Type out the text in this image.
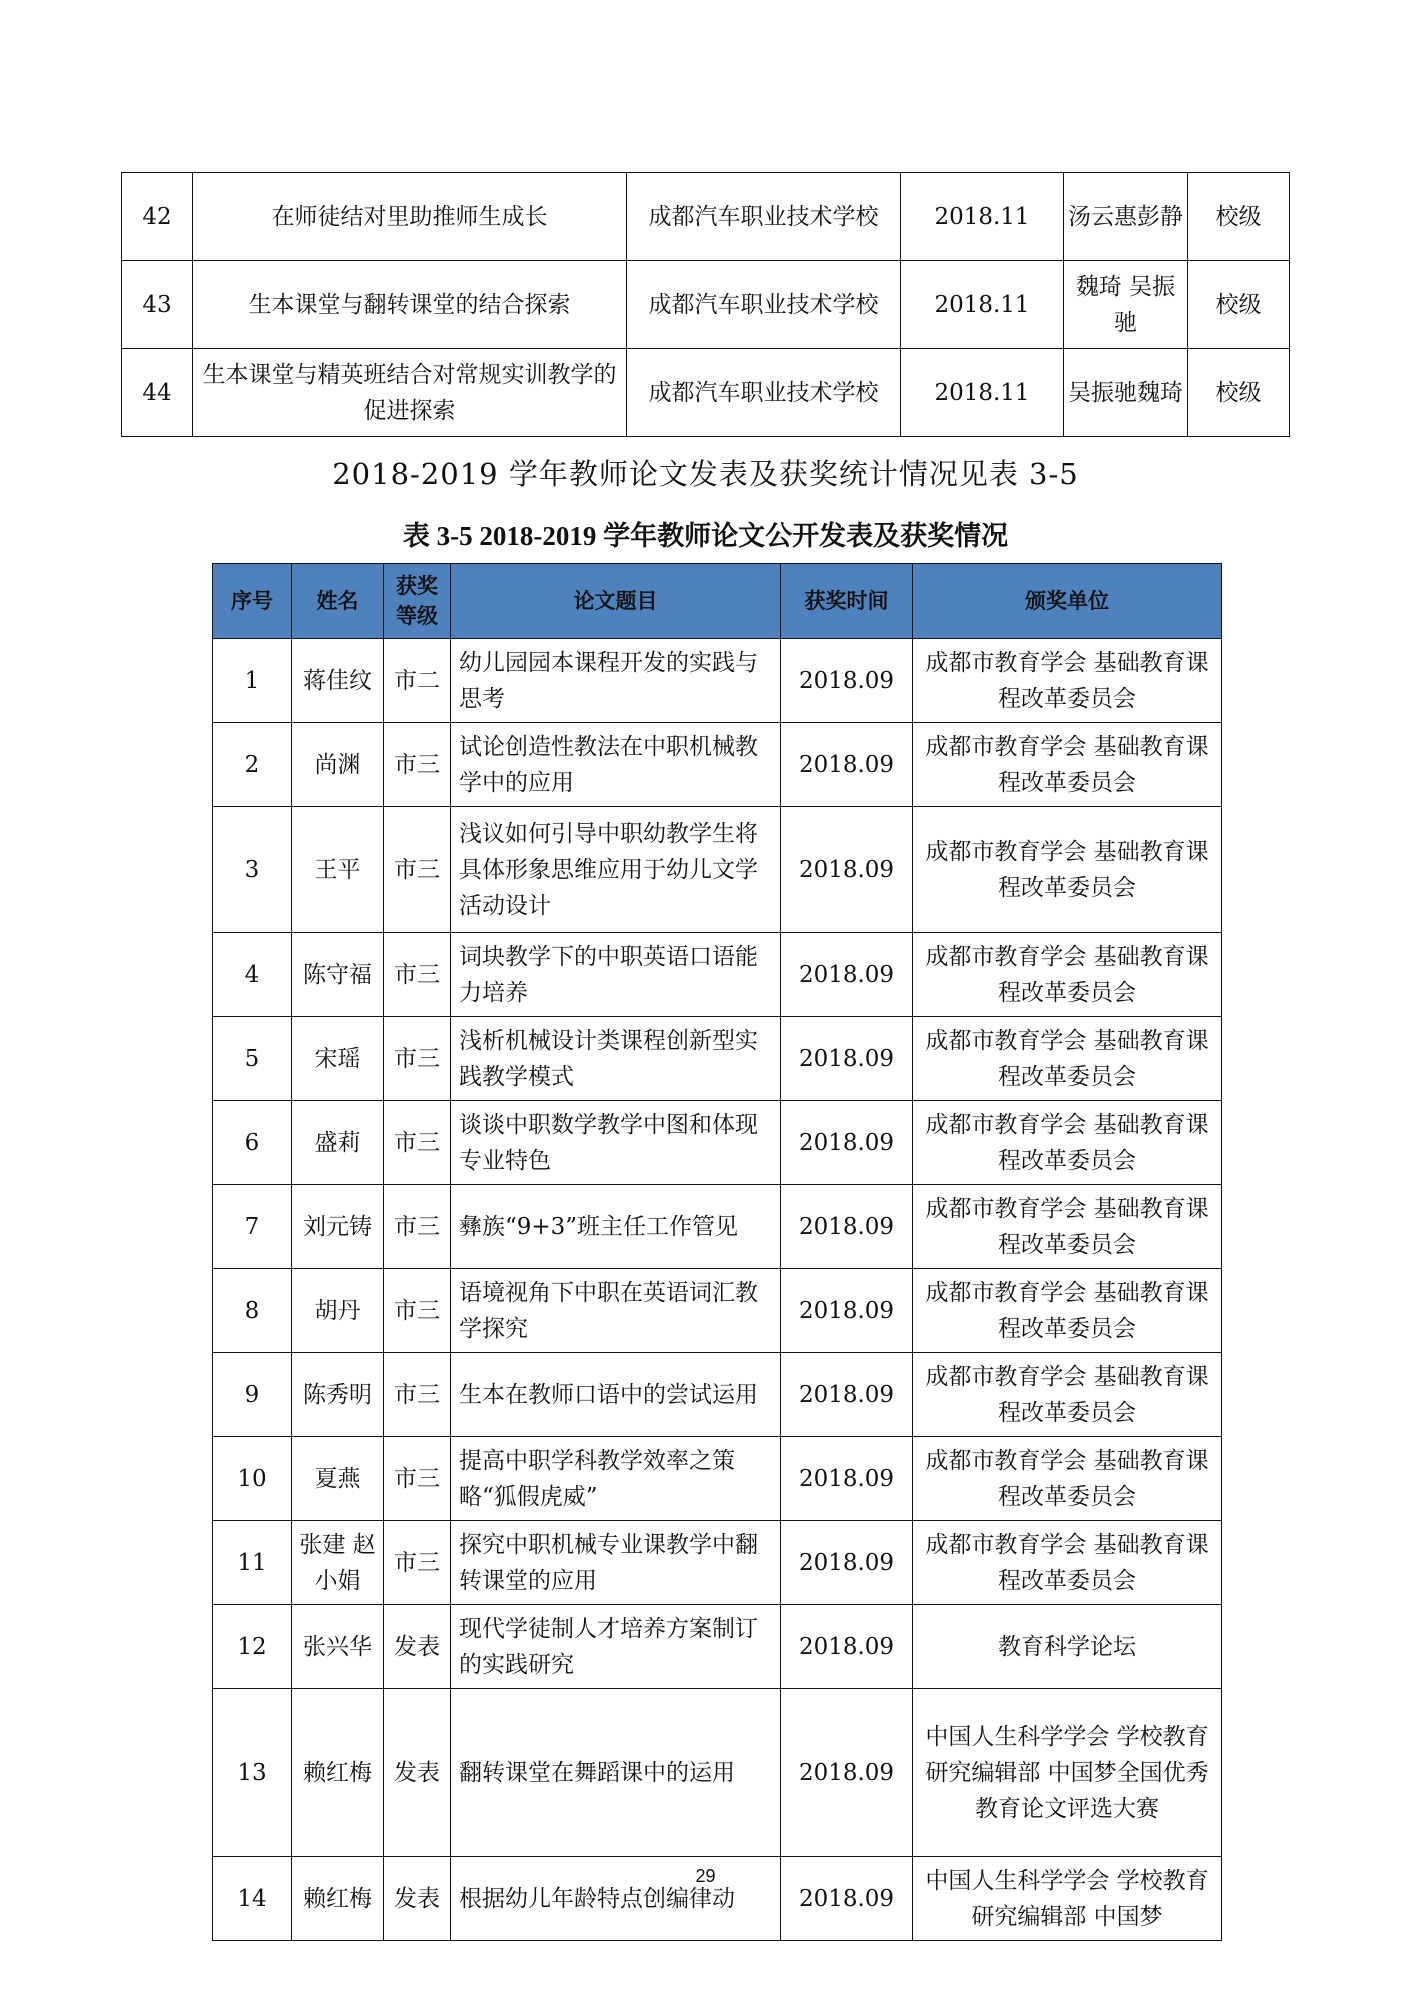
42	在师徒结对里助推师生成长	成都汽车职业技术学校	2018.11	汤云惠彭静	校级
43	生本课堂与翻转课堂的结合探索	成都汽车职业技术学校	2018.11	魏琦 吴振驰	校级
44	生本课堂与精英班结合对常规实训教学的促进探索	成都汽车职业技术学校	2018.11	吴振驰魏琦	校级
2018-2019 学年教师论文发表及获奖统计情况见表 3-5
表 3-5 2018-2019 学年教师论文公开发表及获奖情况
序号	姓名	获奖等级	论文题目	获奖时间	颁奖单位
1	蒋佳纹	市二	幼儿园园本课程开发的实践与思考	2018.09	成都市教育学会 基础教育课程改革委员会
2	尚渊	市三	试论创造性教法在中职机械教学中的应用	2018.09	成都市教育学会 基础教育课程改革委员会
3	王平	市三	浅议如何引导中职幼教学生将具体形象思维应用于幼儿文学活动设计	2018.09	成都市教育学会 基础教育课程改革委员会
4	陈守福	市三	词块教学下的中职英语口语能力培养	2018.09	成都市教育学会 基础教育课程改革委员会
5	宋瑶	市三	浅析机械设计类课程创新型实践教学模式	2018.09	成都市教育学会 基础教育课程改革委员会
6	盛莉	市三	谈谈中职数学教学中图和体现专业特色	2018.09	成都市教育学会 基础教育课程改革委员会
7	刘元铸	市三	彝族“9+3”班主任工作管见	2018.09	成都市教育学会 基础教育课程改革委员会
8	胡丹	市三	语境视角下中职在英语词汇教学探究	2018.09	成都市教育学会 基础教育课程改革委员会
9	陈秀明	市三	生本在教师口语中的尝试运用	2018.09	成都市教育学会 基础教育课程改革委员会
10	夏燕	市三	提高中职学科教学效率之策略“狐假虎威”	2018.09	成都市教育学会 基础教育课程改革委员会
11	张建 赵小娟	市三	探究中职机械专业课教学中翻转课堂的应用	2018.09	成都市教育学会 基础教育课程改革委员会
12	张兴华	发表	现代学徒制人才培养方案制订的实践研究	2018.09	教育科学论坛
13	赖红梅	发表	翻转课堂在舞蹈课中的运用	2018.09	中国人生科学学会 学校教育研究编辑部 中国梦全国优秀教育论文评选大赛
14	赖红梅	发表	根据幼儿年龄特点创编律动	2018.09	中国人生科学学会 学校教育研究编辑部 中国梦
29
